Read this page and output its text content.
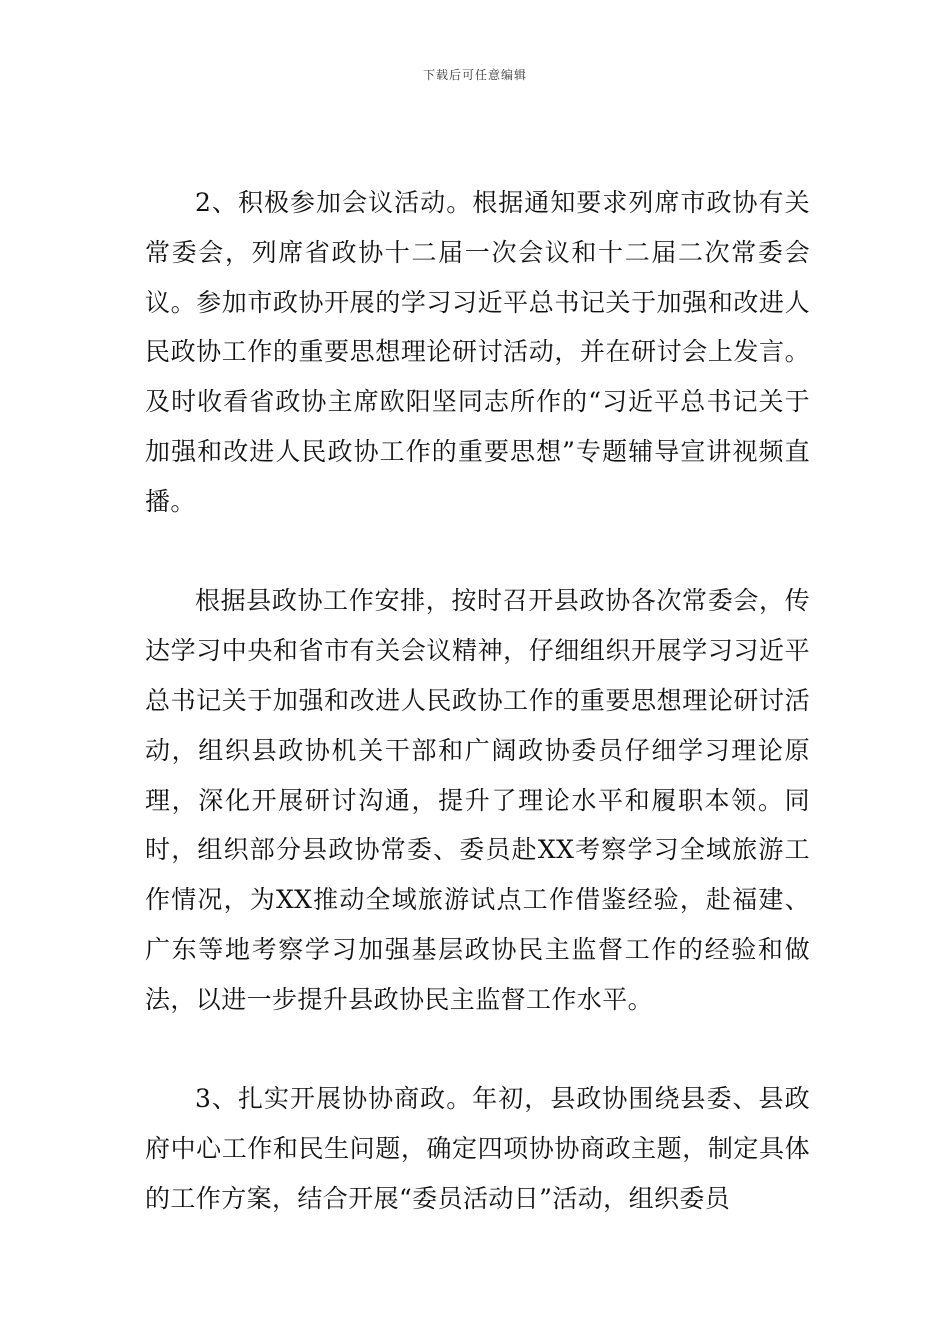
下载后可任意编辑

2、积极参加会议活动。根据通知要求列席市政协有关常委会，列席省政协十二届一次会议和十二届二次常委会议。参加市政协开展的学习习近平总书记关于加强和改进人民政协工作的重要思想理论研讨活动，并在研讨会上发言。及时收看省政协主席欧阳坚同志所作的“习近平总书记关于加强和改进人民政协工作的重要思想”专题辅导宣讲视频直播。

根据县政协工作安排，按时召开县政协各次常委会，传达学习中央和省市有关会议精神，仔细组织开展学习习近平总书记关于加强和改进人民政协工作的重要思想理论研讨活动，组织县政协机关干部和广阔政协委员仔细学习理论原理，深化开展研讨沟通，提升了理论水平和履职本领。同时，组织部分县政协常委、委员赴XX考察学习全域旅游工作情况，为XX推动全域旅游试点工作借鉴经验，赴福建、广东等地考察学习加强基层政协民主监督工作的经验和做法，以进一步提升县政协民主监督工作水平。

3、扎实开展协协商政。年初，县政协围绕县委、县政府中心工作和民生问题，确定四项协协商政主题，制定具体的工作方案，结合开展“委员活动日”活动，组织委员
